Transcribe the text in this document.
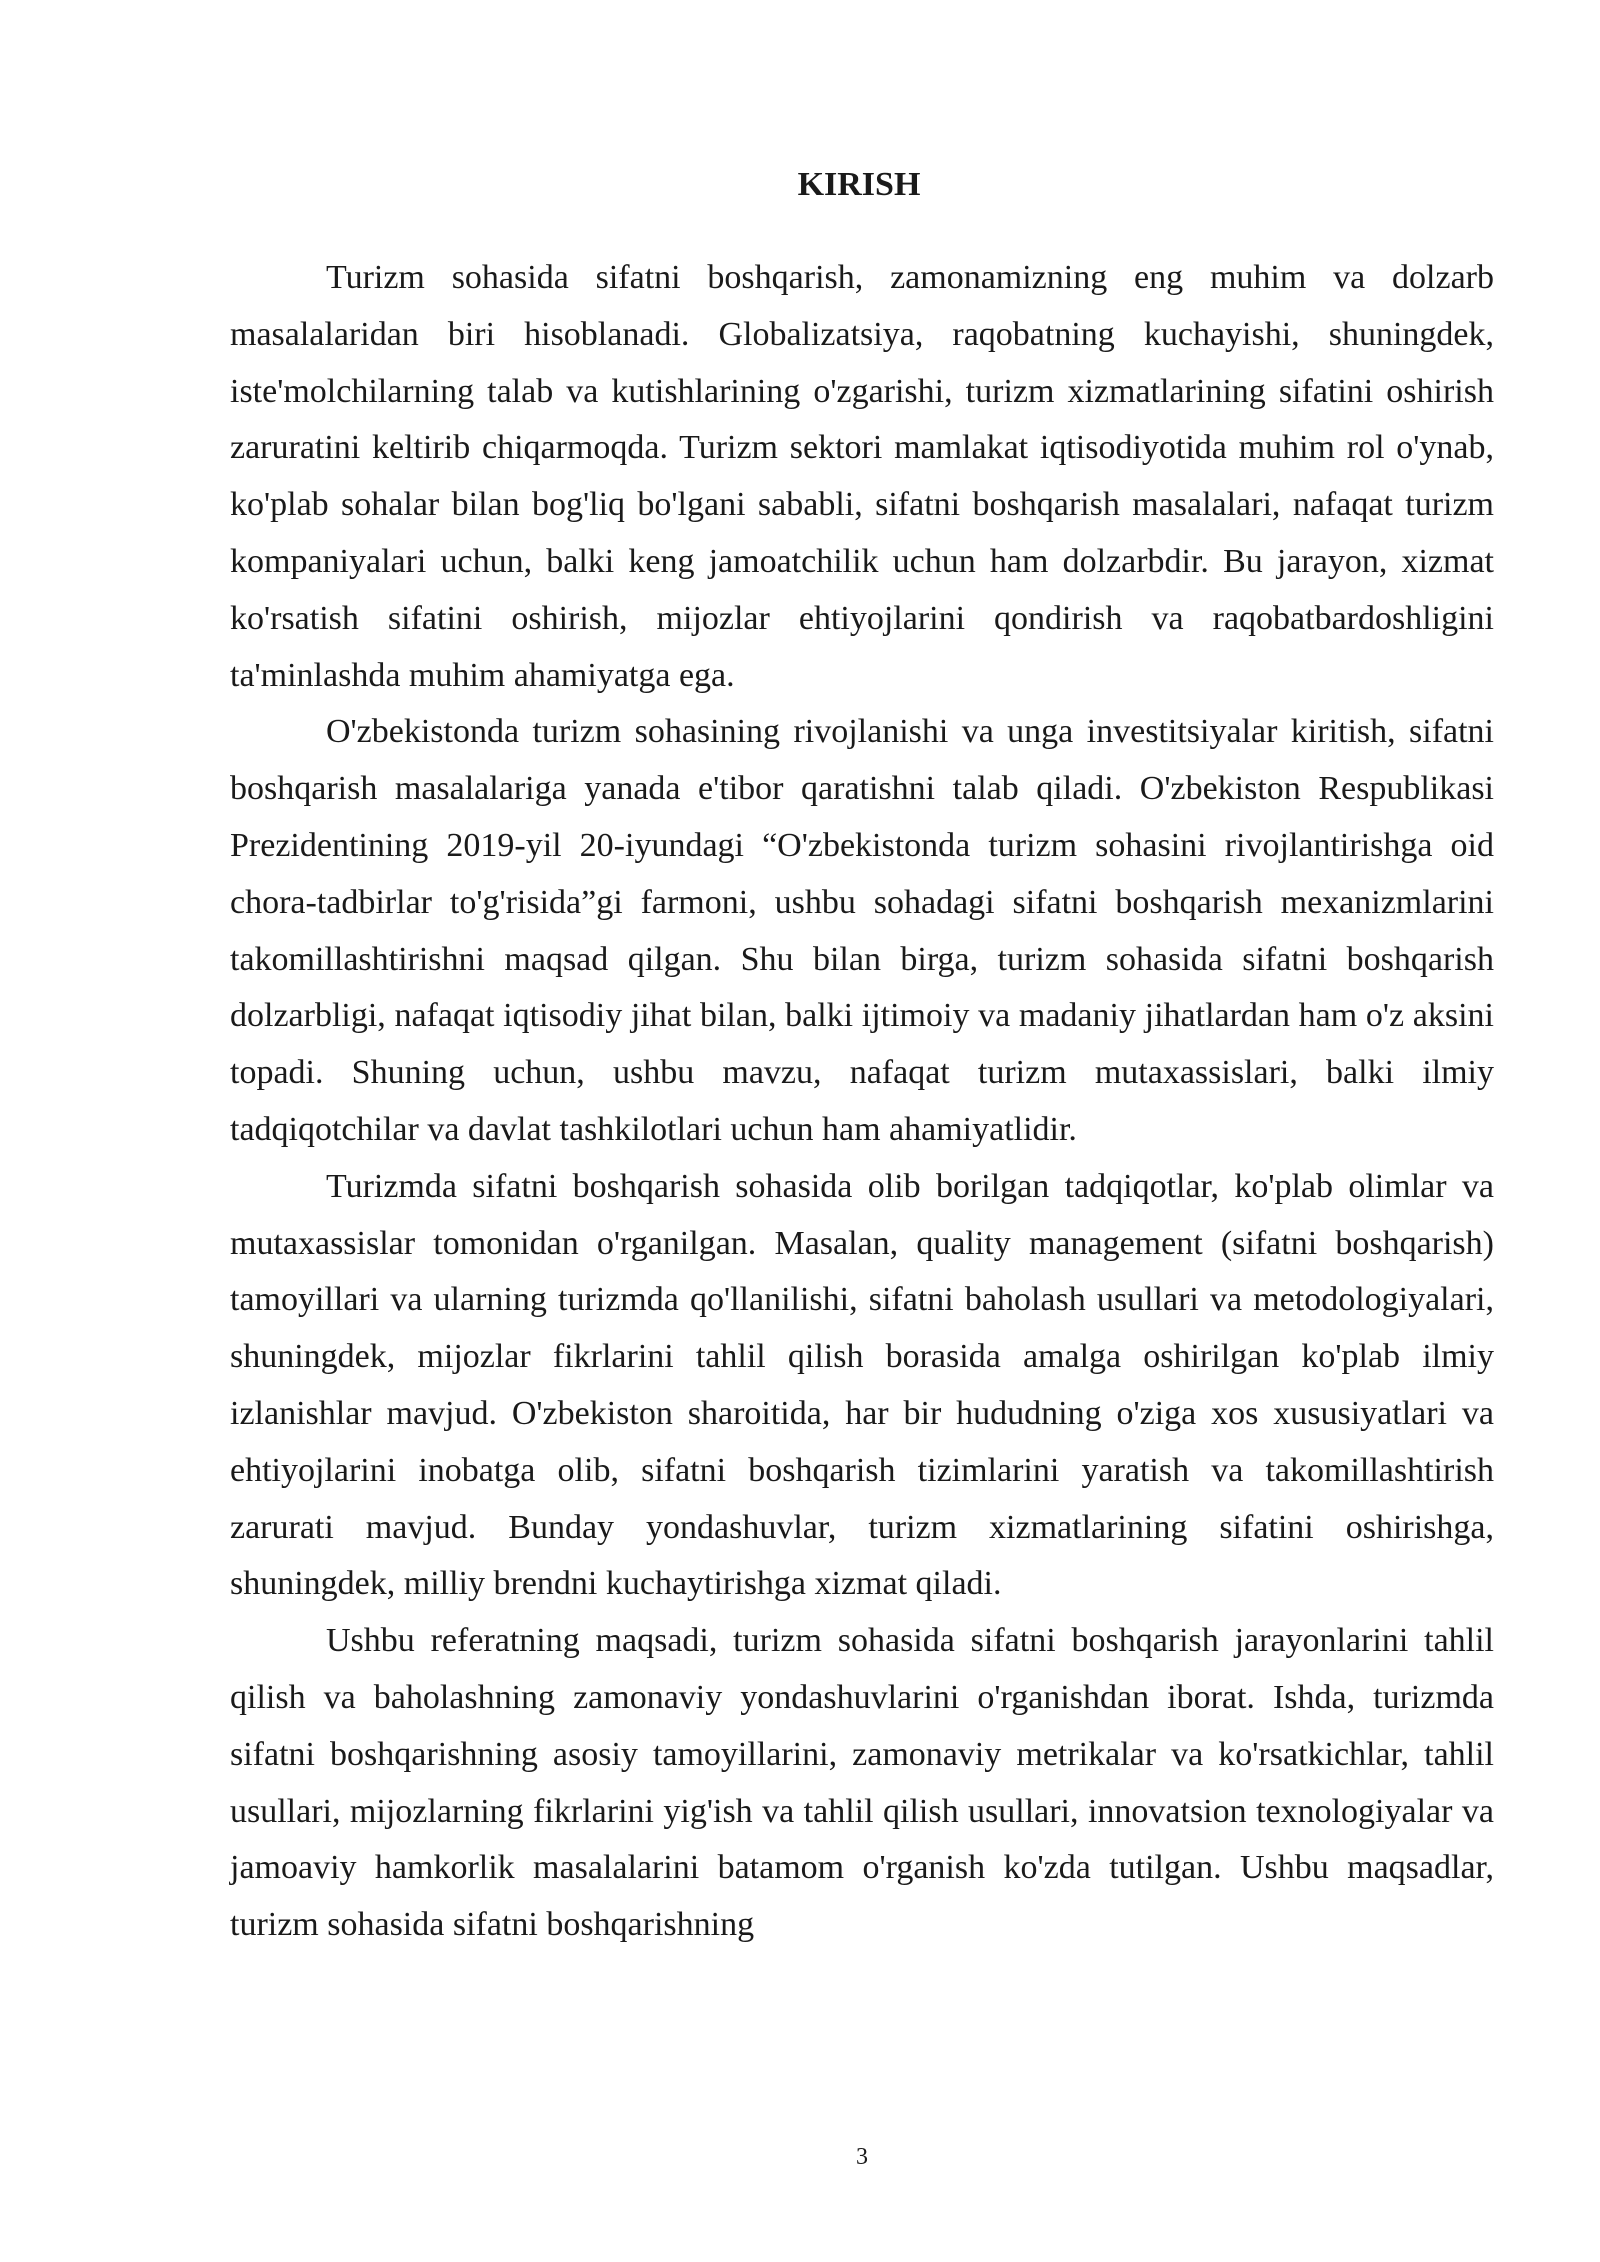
KIRISH

Turizm sohasida sifatni boshqarish, zamonamizning eng muhim va dolzarb masalalaridan biri hisoblanadi. Globalizatsiya, raqobatning kuchayishi, shuningdek, iste'molchilarning talab va kutishlarining o'zgarishi, turizm xizmatlarining sifatini oshirish zaruratini keltirib chiqarmoqda. Turizm sektori mamlakat iqtisodiyotida muhim rol o'ynab, ko'plab sohalar bilan bog'liq bo'lgani sababli, sifatni boshqarish masalalari, nafaqat turizm kompaniyalari uchun, balki keng jamoatchilik uchun ham dolzarbdir. Bu jarayon, xizmat ko'rsatish sifatini oshirish, mijozlar ehtiyojlarini qondirish va raqobatbardoshligini ta'minlashda muhim ahamiyatga ega.

O'zbekistonda turizm sohasining rivojlanishi va unga investitsiyalar kiritish, sifatni boshqarish masalalariga yanada e'tibor qaratishni talab qiladi. O'zbekiston Respublikasi Prezidentining 2019-yil 20-iyundagi “O'zbekistonda turizm sohasini rivojlantirishga oid chora-tadbirlar to'g'risida”gi farmoni, ushbu sohadagi sifatni boshqarish mexanizmlarini takomillashtirishni maqsad qilgan. Shu bilan birga, turizm sohasida sifatni boshqarish dolzarbligi, nafaqat iqtisodiy jihat bilan, balki ijtimoiy va madaniy jihatlardan ham o'z aksini topadi. Shuning uchun, ushbu mavzu, nafaqat turizm mutaxassislari, balki ilmiy tadqiqotchilar va davlat tashkilotlari uchun ham ahamiyatlidir.

Turizmda sifatni boshqarish sohasida olib borilgan tadqiqotlar, ko'plab olimlar va mutaxassislar tomonidan o'rganilgan. Masalan, quality management (sifatni boshqarish) tamoyillari va ularning turizmda qo'llanilishi, sifatni baholash usullari va metodologiyalari, shuningdek, mijozlar fikrlarini tahlil qilish borasida amalga oshirilgan ko'plab ilmiy izlanishlar mavjud. O'zbekiston sharoitida, har bir hududning o'ziga xos xususiyatlari va ehtiyojlarini inobatga olib, sifatni boshqarish tizimlarini yaratish va takomillashtirish zarurati mavjud. Bunday yondashuvlar, turizm xizmatlarining sifatini oshirishga, shuningdek, milliy brendni kuchaytirishga xizmat qiladi.

Ushbu referatning maqsadi, turizm sohasida sifatni boshqarish jarayonlarini tahlil qilish va baholashning zamonaviy yondashuvlarini o'rganishdan iborat. Ishda, turizmda sifatni boshqarishning asosiy tamoyillarini, zamonaviy metrikalar va ko'rsatkichlar, tahlil usullari, mijozlarning fikrlarini yig'ish va tahlil qilish usullari, innovatsion texnologiyalar va jamoaviy hamkorlik masalalarini batamom o'rganish ko'zda tutilgan. Ushbu maqsadlar, turizm sohasida sifatni boshqarishning

3
